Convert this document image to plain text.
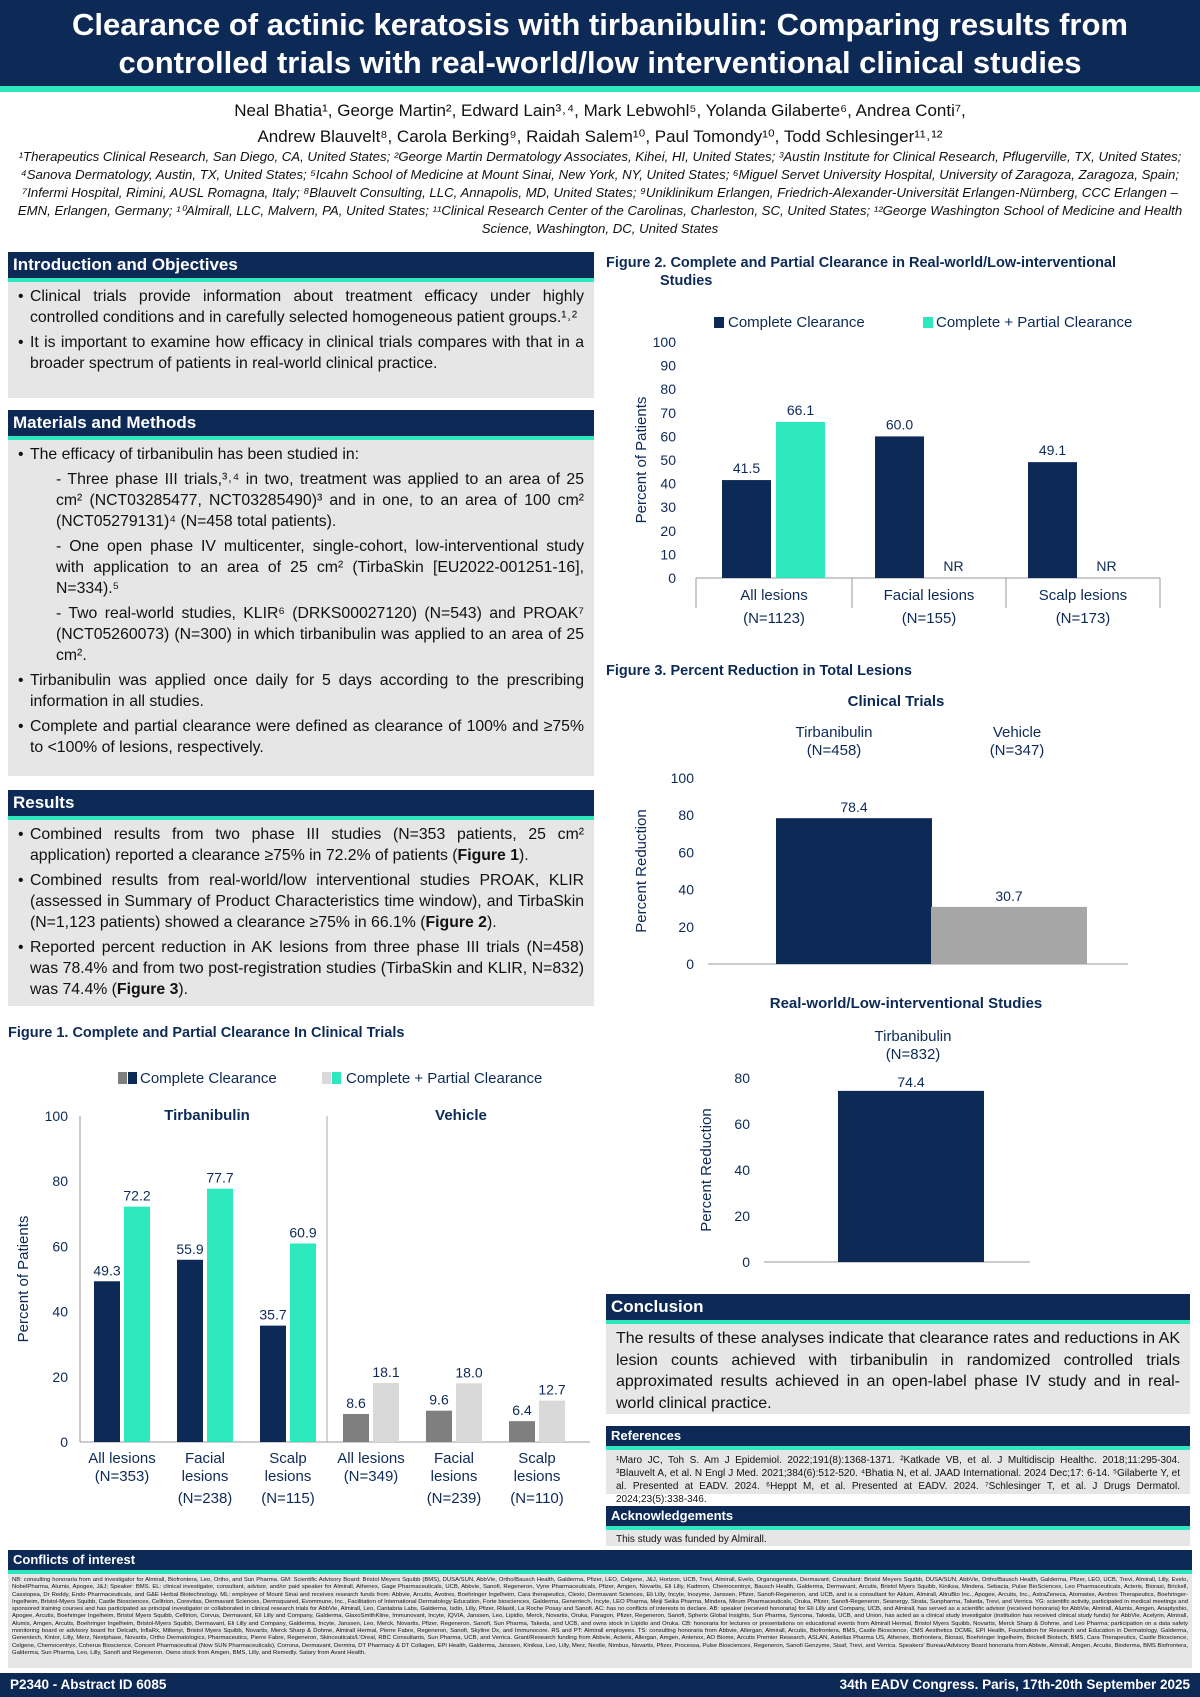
Clearance of actinic keratosis with tirbanibulin: Comparing results from
controlled trials with real-world/low interventional clinical studies
Neal Bhatia¹, George Martin², Edward Lain³˒⁴, Mark Lebwohl⁵, Yolanda Gilaberte⁶, Andrea Conti⁷,
Andrew Blauvelt⁸, Carola Berking⁹, Raidah Salem¹⁰, Paul Tomondy¹⁰, Todd Schlesinger¹¹˒¹²
¹Therapeutics Clinical Research, San Diego, CA, United States; ²George Martin Dermatology Associates, Kihei, HI, United States; ³Austin Institute for Clinical Research, Pflugerville, TX, United States; ⁴Sanova Dermatology, Austin, TX, United States; ⁵Icahn School of Medicine at Mount Sinai, New York, NY, United States; ⁶Miguel Servet University Hospital, University of Zaragoza, Zaragoza, Spain; ⁷Infermi Hospital, Rimini, AUSL Romagna, Italy; ⁸Blauvelt Consulting, LLC, Annapolis, MD, United States; ⁹Uniklinikum Erlangen, Friedrich-Alexander-Universität Erlangen-Nürnberg, CCC Erlangen – EMN, Erlangen, Germany; ¹⁰Almirall, LLC, Malvern, PA, United States; ¹¹Clinical Research Center of the Carolinas, Charleston, SC, United States; ¹²George Washington School of Medicine and Health Science, Washington, DC, United States
Introduction and Objectives
• Clinical trials provide information about treatment efficacy under highly controlled conditions and in carefully selected homogeneous patient groups.¹˒²
• It is important to examine how efficacy in clinical trials compares with that in a broader spectrum of patients in real-world clinical practice.
Materials and Methods
• The efficacy of tirbanibulin has been studied in:
- Three phase III trials,³˒⁴ in two, treatment was applied to an area of 25 cm² (NCT03285477, NCT03285490)³ and in one, to an area of 100 cm² (NCT05279131)⁴ (N=458 total patients).
- One open phase IV multicenter, single-cohort, low-interventional study with application to an area of 25 cm² (TirbaSkin [EU2022-001251-16], N=334).⁵
- Two real-world studies, KLIR⁶ (DRKS00027120) (N=543) and PROAK⁷ (NCT05260073) (N=300) in which tirbanibulin was applied to an area of 25 cm².
• Tirbanibulin was applied once daily for 5 days according to the prescribing information in all studies.
• Complete and partial clearance were defined as clearance of 100% and ≥75% to <100% of lesions, respectively.
Results
• Combined results from two phase III studies (N=353 patients, 25 cm² application) reported a clearance ≥75% in 72.2% of patients (Figure 1).
• Combined results from real-world/low interventional studies PROAK, KLIR (assessed in Summary of Product Characteristics time window), and TirbaSkin (N=1,123 patients) showed a clearance ≥75% in 66.1% (Figure 2).
• Reported percent reduction in AK lesions from three phase III trials (N=458) was 78.4% and from two post-registration studies (TirbaSkin and KLIR, N=832) was 74.4% (Figure 3).
Figure 1. Complete and Partial Clearance In Clinical Trials
Complete Clearance	Complete + Partial Clearance
0
20
40
60
80
100
Percent of Patients
Tirbanibulin	Vehicle
49.3
72.2
All lesions
(N=353)
55.9
77.7
Facial
lesions
(N=238)
35.7
60.9
Scalp
lesions
(N=115)
8.6
18.1
All lesions
(N=349)
9.6
18.0
Facial
lesions
(N=239)
6.4
12.7
Scalp
lesions
(N=110)
Figure 2. Complete and Partial Clearance in Real-world/Low-interventional
Studies
Complete Clearance	Complete + Partial Clearance
0
10
20
30
40
50
60
70
80
90
100
Percent of Patients	41.5
66.1
All lesions
(N=1123)
60.0
NR
Facial lesions
(N=155)
49.1
NR
Scalp lesions
(N=173)
Figure 3. Percent Reduction in Total Lesions
Clinical Trials
0
20
40
60
80
100
Percent Reduction
78.4
Tirbanibulin
(N=458)
30.7
Vehicle
(N=347)
Real-world/Low-interventional Studies
0
20
40
60
80
Percent Reduction
74.4
Tirbanibulin
(N=832)
Conclusion
The results of these analyses indicate that clearance rates and reductions in AK lesion counts achieved with tirbanibulin in randomized controlled trials approximated results achieved in an open-label phase IV study and in real-world clinical practice.
References
¹Maro JC, Toh S. Am J Epidemiol. 2022;191(8):1368-1371. ²Katkade VB, et al. J Multidiscip Healthc. 2018;11:295-304. ³Blauvelt A, et al. N Engl J Med. 2021;384(6):512-520. ⁴Bhatia N, et al. JAAD International. 2024 Dec;17: 6-14. ⁵Gilaberte Y, et al. Presented at EADV. 2024. ⁶Heppt M, et al. Presented at EADV. 2024. ⁷Schlesinger T, et al. J Drugs Dermatol. 2024;23(5):338-346.
Acknowledgements
This study was funded by Almirall.
Conflicts of interest
NB: consulting honoraria from and investigator for Almirall, Biofrontera, Leo, Ortho, and Sun Pharma. GM: Scientific Advisory Board: Bristol Meyers Squibb (BMS), DUSA/SUN, AbbVie, Ortho/Bausch Health, Galderma, Pfizer, LEO, Celgene, J&J, Horizon, UCB, Trevi, Almirall, Evelo, Organogenesis, Dermavant; Consultant: Bristol Meyers Squibb, DUSA/SUN, AbbVie, Ortho/Bausch Health, Galderma, Pfizer, LEO, UCB, Trevi, Almirall, Lilly, Evelo, NobelPharma, Alumis, Apogee, J&J; Speaker: BMS. EL: clinical investigator, consultant, advisor, and/or paid speaker for Almirall, Athenex, Gage Pharmaceuticals, UCB, Abbvie, Sanofi, Regeneron, Vyne Pharmaceuticals, Pfizer, Amgen, Novartis, Eli Lilly, Kadmon, Chemocentryx, Bausch Health, Galderma, Dermavant, Arcutis, Bristol Myers Squibb, Kiniksa, Mindera, Sebacia, Pulse BioSciences, Leo Pharmaceuticals, Acteris, Biorasi, Brickell, Cassiopea, Dr Reddy, Endo Pharmaceuticals, and G&E Herbal Biotechnology. ML: employee of Mount Sinai and receives research funds from: Abbvie, Arcutis, Avotres, Boehringer Ingelheim, Cara therapeutics, Clexio, Dermavant Sciences, Eli Lilly, Incyte, Inozyme, Janssen, Pfizer, Sanofi-Regeneron, and UCB, and is a consultant for Aklum, Almirall, AltruBio Inc., Apogee, Arcutis, Inc., AstraZeneca, Atomwise, Avotres Therapeutics, Boehringer-Ingelheim, Bristol-Myers Squibb, Castle Biosciences, Celltrion, Corevitas, Dermavant Sciences, Dermsquared, Evommune, Inc., Facilitation of International Dermatology Education, Forte biosciences, Galderma, Genentech, Incyte, LEO Pharma, Meiji Seika Pharma, Mindera, Mirum Pharmaceuticals, Oruka, Pfizer, Sanofi-Regeneron, Seanergy, Strata, Sunpharma, Takeda, Trevi, and Verrica. YG: scientific activity, participated in medical meetings and sponsored training courses and has participated as principal investigator or collaborated in clinical research trials for AbbVie, Almirall, Leo, Cantabria Labs, Galderma, Isdin, Lilly, Pfizer, Rilastil, La Roche Posay and Sanofi. AC: has no conflicts of interests to declare. AB: speaker (received honoraria) for Eli Lilly and Company, UCB, and Almirall, has served as a scientific advisor (received honoraria) for AbbVie, Almirall, Alumis, Amgen, Anaptysbio, Apogee, Arcutis, Boehringer Ingelheim, Bristol Myers Squibb, Celltrion, Corvus, Dermavant, Eli Lilly and Company, Galderma, GlaxoSmithKline, Immunovant, Incyte, IQVIA, Janssen, Leo, Lipidio, Merck, Novartis, Oruka, Paragon, Pfizer, Regeneron, Sanofi, Spherix Global Insights, Sun Pharma, Syncona, Takeda, UCB, and Union, has acted as a clinical study investigator (institution has received clinical study funds) for AbbVie, Acelyrin, Almirall, Alumis, Amgen, Arcutis, Boehringer Ingelheim, Bristol-Myers Squibb, Dermavant, Eli Lilly and Company, Galderma, Incyte, Janssen, Leo, Merck, Novartis, Pfizer, Regeneron, Sanofi, Sun Pharma, Takeda, and UCB, and owns stock in Lipidio and Oruka. CB: honoraria for lectures or presentations on educational events from Almirall Hermal, Bristol Myers Squibb, Novartis, Merck Sharp & Dohme, and Leo Pharma; participation on a data safety monitoring board or advisory board for Delcath, InflaRx, Miltenyi, Bristol Myers Squibb, Novartis, Merck Sharp & Dohme, Almirall Hermal, Pierre Fabre, Regeneron, Sanofi, Skyline Dx, and Immunocore. RS and PT: Almirall employees. TS: consulting honoraria from Abbvie, Allergan, Almirall, Arcutis, Biofrontera, BMS, Castle Bioscience, CMS Aesthetics DCME, EPI Health, Foundation for Research and Education in Dermatology, Galderma, Genentech, Kintor, Lilly, Merz, Nextphase, Novartis, Ortho Dermatologics, Pharmaceutics, Pierre Fabre, Regeneron, Skinceuticals/L'Oreal, RBC Consultants, Sun Pharma, UCB, and Verrica. Grant/Research funding from Abbvie, Acteris, Allergan, Amgen, Antenox, AO Biome, Arcutis Premier Research, ASLAN, Astellas Pharma US, Athenex, Biofrontera, Biorasi, Boehringer Ingelheim, Brickell Biotech, BMS, Cara Therapeutics, Castle Bioscience, Celgene, Chemocentryx, Coherus Bioscience, Concert Pharmaceutical (Now SUN Pharmaceuticals), Corrona, Dermavant, Dermira, DT Pharmacy & DT Collagen, EPI Health, Galderma, Janssen, Kiniksa, Leo, Lilly, Merz, Nestle, Nimbus, Novartis, Pfizer, Processa, Pulse Biosciences, Regeneron, Sanofi Genzyme, Sisaf, Trevi, and Verrica. Speakers' Bureau/Advisory Board honoraria from Abbvie, Almirall, Amgen, Arcutis, Bioderma, BMS Biofrontera, Galderma, Sun Pharma, Leo, Lilly, Sanofi and Regeneron. Owns stock from Amgen, BMS, Lilly, and Remedly. Salary from Avant Health.
P2340 - Abstract ID 6085	34th EADV Congress. Paris, 17th-20th September 2025
